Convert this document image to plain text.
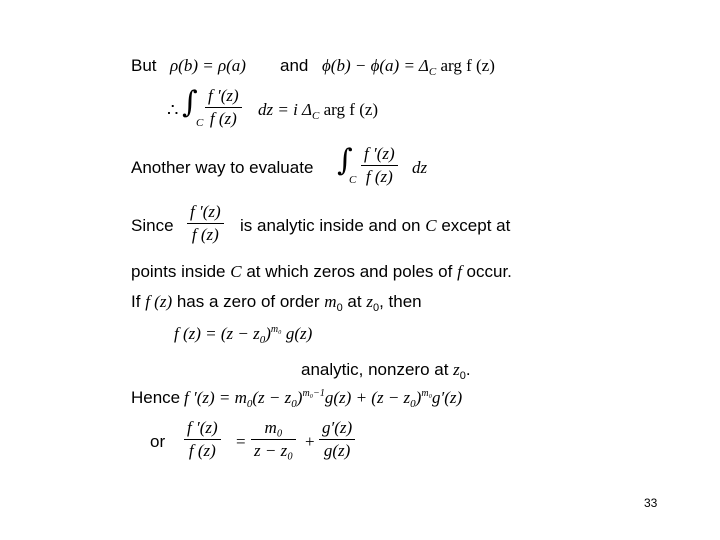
But ρ(b) = ρ(a) and $\phi(b) - \phi(a) = \Delta_C$ arg f (z)
∴ ∫
C
f ′(z)
f (z) dz = i $\Delta_C$ arg f (z)
Another way to evaluate ∫
C
f ′(z)
f (z) dz
Since
f ′(z)
f (z) is analytic inside and on C except at
points inside C at which zeros and poles of f occur.
If f (z) has a zero of order $m_0$ at $z_0$, then
f $(z) = (z - z_0)^{m_0}$ g(z)
analytic, nonzero at $z_0$.
Hence f $'(z) = m_0(z - z_0)^{m_0-1}g(z) + (z - z_0)^{m_0}g'(z)$
or
f ′(z)
f (z) =
m₀
z − z₀ +
g′(z)
g(z)
33
